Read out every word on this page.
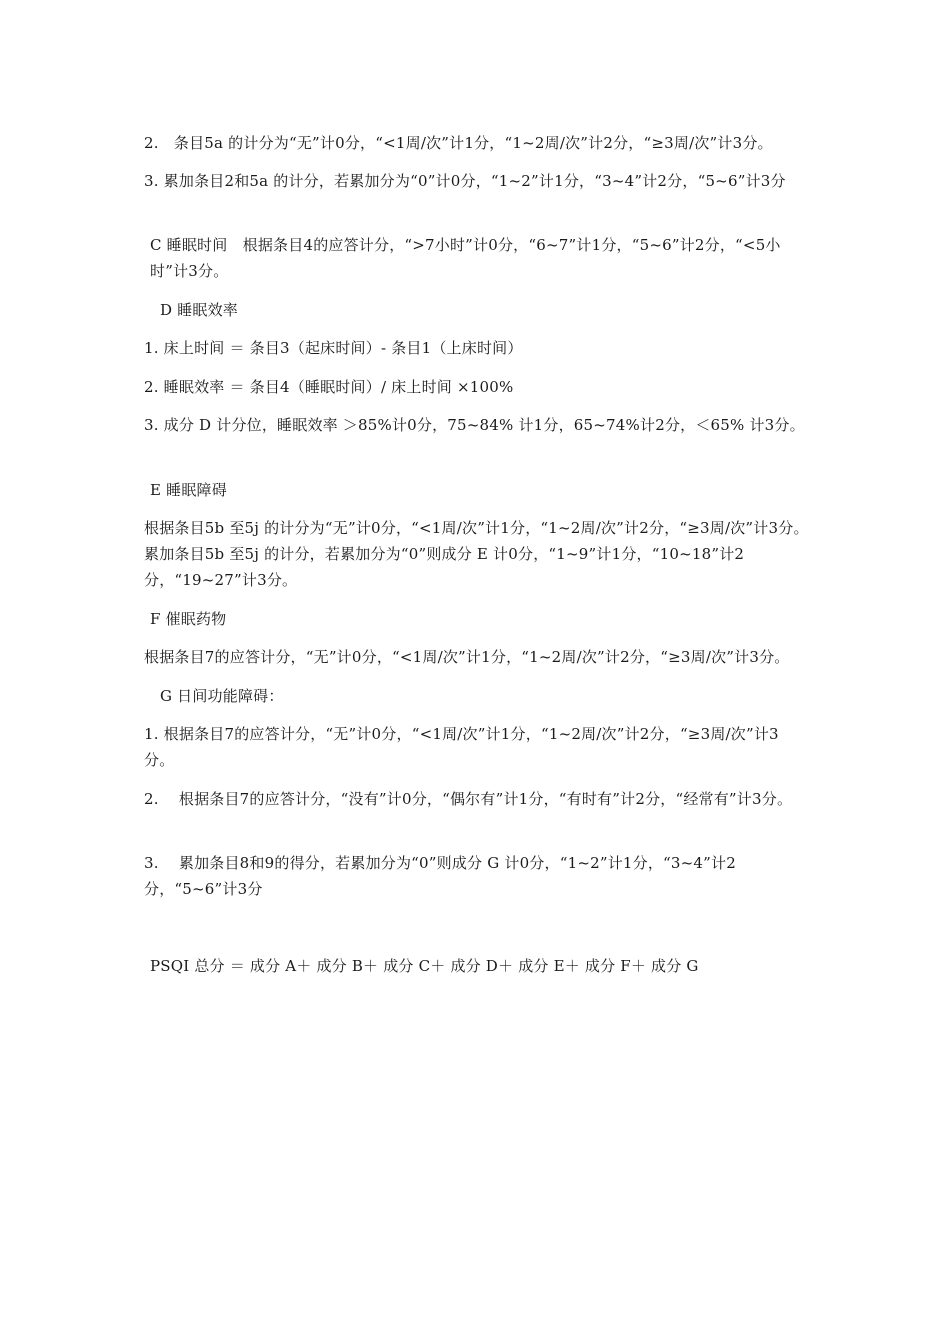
2.　条目5a 的计分为“无”计0分，“<1周/次”计1分，“1~2周/次”计2分，“≥3周/次”计3分。
3. 累加条目2和5a 的计分，若累加分为“0”计0分，“1~2”计1分，“3~4”计2分，“5~6”计3分
C 睡眠时间　根据条目4的应答计分，“>7小时”计0分，“6~7”计1分，“5~6”计2分，“<5小时”计3分。
D 睡眠效率
1. 床上时间 ＝ 条目3（起床时间）- 条目1（上床时间）
2. 睡眠效率 ＝ 条目4（睡眠时间）/ 床上时间 ×100%
3. 成分 D 计分位，睡眠效率 ＞85%计0分，75~84% 计1分，65~74%计2分，＜65% 计3分。
E 睡眠障碍
根据条目5b 至5j 的计分为“无”计0分，“<1周/次”计1分，“1~2周/次”计2分，“≥3周/次”计3分。累加条目5b 至5j 的计分，若累加分为“0”则成分 E 计0分，“1~9”计1分，“10~18”计2分，“19~27”计3分。
F 催眠药物
根据条目7的应答计分，“无”计0分，“<1周/次”计1分，“1~2周/次”计2分，“≥3周/次”计3分。
G 日间功能障碍：
1. 根据条目7的应答计分，“无”计0分，“<1周/次”计1分，“1~2周/次”计2分，“≥3周/次”计3分。
2.　 根据条目7的应答计分，“没有”计0分，“偶尔有”计1分，“有时有”计2分，“经常有”计3分。
3.　 累加条目8和9的得分，若累加分为“0”则成分 G 计0分，“1~2”计1分，“3~4”计2分，“5~6”计3分
PSQI 总分 ＝ 成分 A＋ 成分 B＋ 成分 C＋ 成分 D＋ 成分 E＋ 成分 F＋ 成分 G
